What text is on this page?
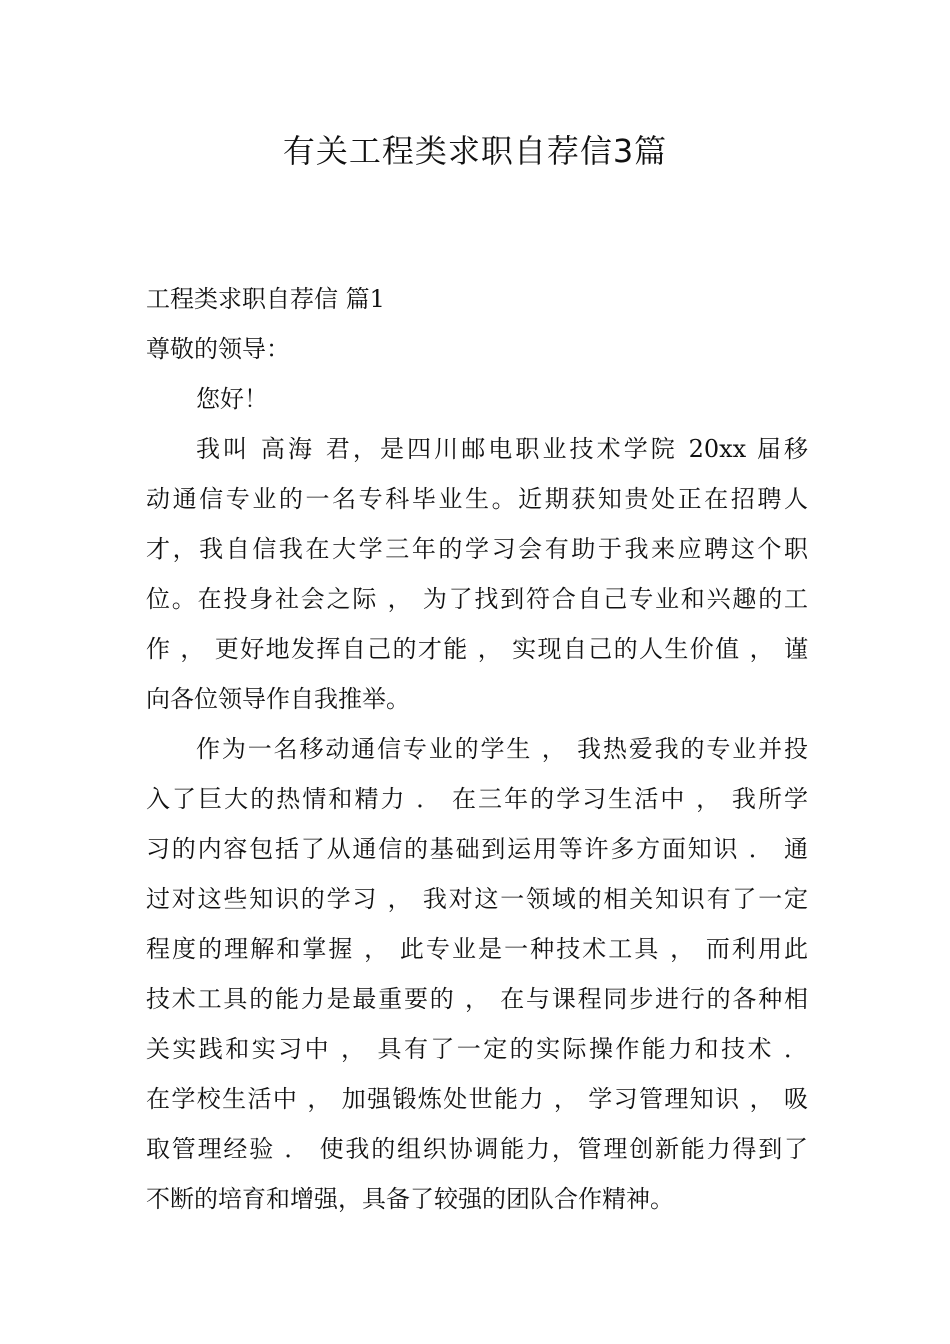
有关工程类求职自荐信3篇

工程类求职自荐信 篇1

尊敬的领导：

您好！

我叫 高海 君，是四川邮电职业技术学院 20xx 届移

动通信专业的一名专科毕业生。近期获知贵处正在招聘人

才，我自信我在大学三年的学习会有助于我来应聘这个职

位。在投身社会之际 ， 为了找到符合自己专业和兴趣的工

作 ， 更好地发挥自己的才能 ， 实现自己的人生价值 ， 谨

向各位领导作自我推举。

作为一名移动通信专业的学生 ， 我热爱我的专业并投

入了巨大的热情和精力 ． 在三年的学习生活中 ， 我所学

习的内容包括了从通信的基础到运用等许多方面知识 ． 通

过对这些知识的学习 ， 我对这一领域的相关知识有了一定

程度的理解和掌握 ， 此专业是一种技术工具 ， 而利用此

技术工具的能力是最重要的 ， 在与课程同步进行的各种相

关实践和实习中 ， 具有了一定的实际操作能力和技术 ．

在学校生活中 ， 加强锻炼处世能力 ， 学习管理知识 ， 吸

取管理经验 ． 使我的组织协调能力，管理创新能力得到了

不断的培育和增强，具备了较强的团队合作精神。
